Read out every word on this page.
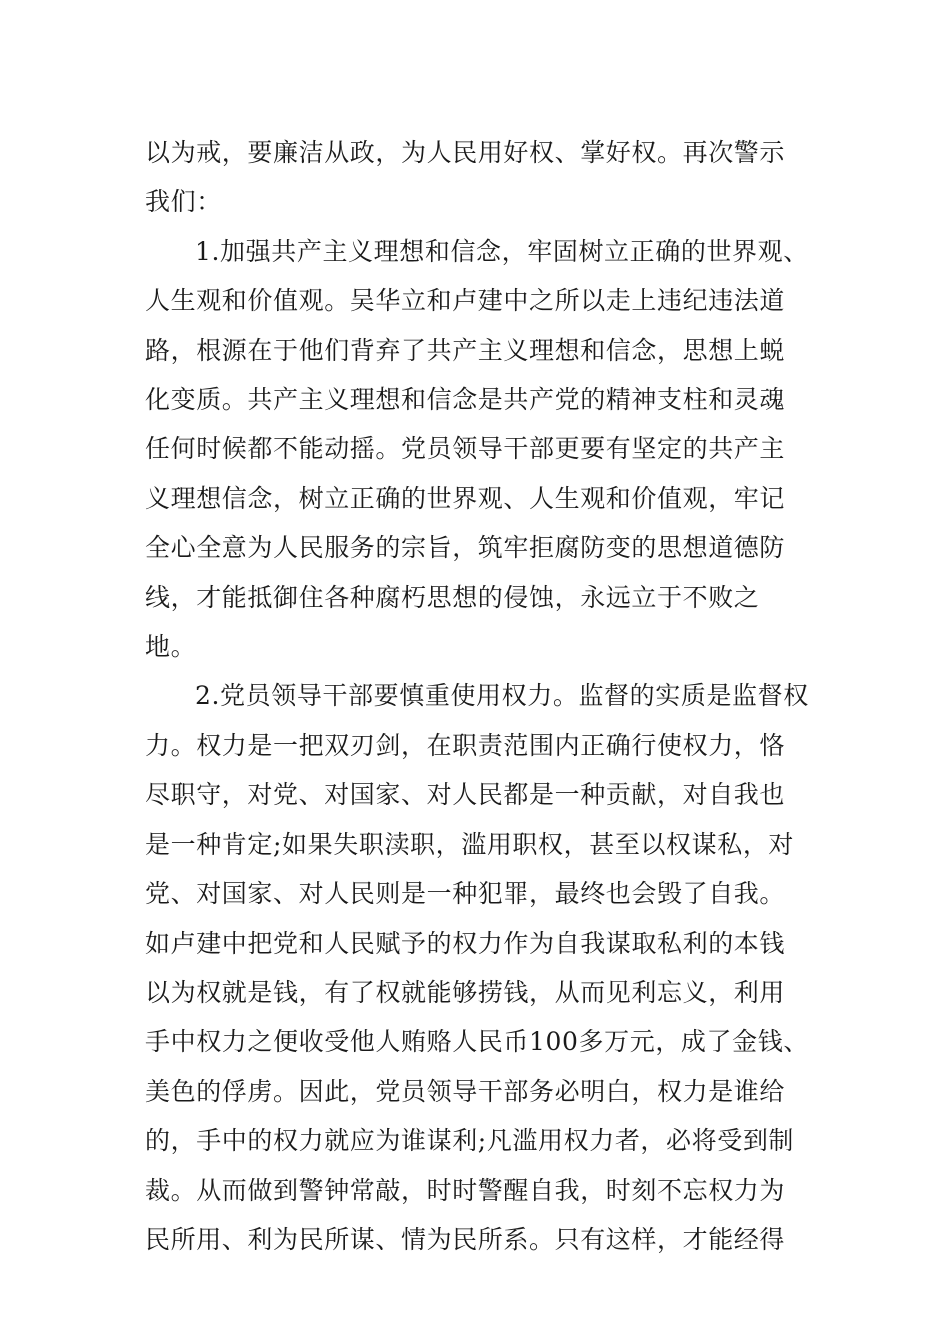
以为戒，要廉洁从政，为人民用好权、掌好权。再次警示我们：

1.加强共产主义理想和信念，牢固树立正确的世界观、人生观和价值观。吴华立和卢建中之所以走上违纪违法道路，根源在于他们背弃了共产主义理想和信念，思想上蜕化变质。共产主义理想和信念是共产党的精神支柱和灵魂任何时候都不能动摇。党员领导干部更要有坚定的共产主义理想信念，树立正确的世界观、人生观和价值观，牢记全心全意为人民服务的宗旨，筑牢拒腐防变的思想道德防线，才能抵御住各种腐朽思想的侵蚀，永远立于不败之地。

2.党员领导干部要慎重使用权力。监督的实质是监督权力。权力是一把双刃剑，在职责范围内正确行使权力，恪尽职守，对党、对国家、对人民都是一种贡献，对自我也是一种肯定;如果失职渎职，滥用职权，甚至以权谋私，对党、对国家、对人民则是一种犯罪，最终也会毁了自我。如卢建中把党和人民赋予的权力作为自我谋取私利的本钱以为权就是钱，有了权就能够捞钱，从而见利忘义，利用手中权力之便收受他人贿赂人民币100多万元，成了金钱、美色的俘虏。因此，党员领导干部务必明白，权力是谁给的，手中的权力就应为谁谋利;凡滥用权力者，必将受到制裁。从而做到警钟常敲，时时警醒自我，时刻不忘权力为民所用、利为民所谋、情为民所系。只有这样，才能经得
